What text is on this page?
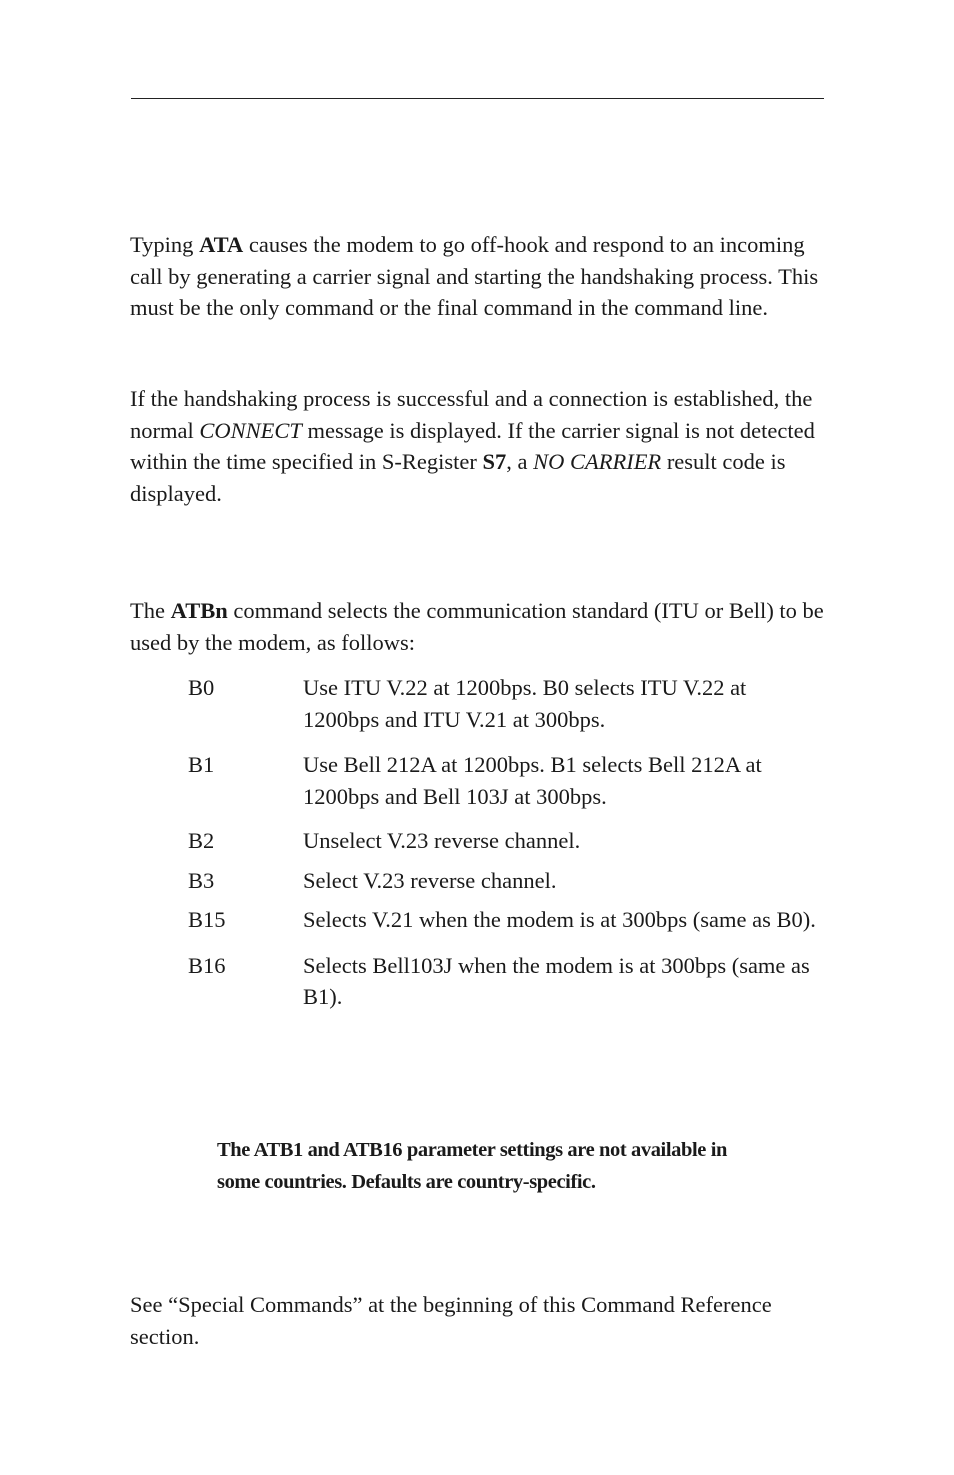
Typing ATA causes the modem to go off-hook and respond to an incoming call by generating a carrier signal and starting the handshaking process. This must be the only command or the final command in the command line.

If the handshaking process is successful and a connection is established, the normal CONNECT message is displayed. If the carrier signal is not detected within the time specified in S-Register S7, a NO CARRIER result code is displayed.

The ATBn command selects the communication standard (ITU or Bell) to be used by the modem, as follows:

B0	Use ITU V.22 at 1200bps. B0 selects ITU V.22 at 1200bps and ITU V.21 at 300bps.
B1	Use Bell 212A at 1200bps. B1 selects Bell 212A at 1200bps and Bell 103J at 300bps.
B2	Unselect V.23 reverse channel.
B3	Select V.23 reverse channel.
B15	Selects V.21 when the modem is at 300bps (same as B0).
B16	Selects Bell103J when the modem is at 300bps (same as B1).
The ATB1 and ATB16 parameter settings are not available in
some countries. Defaults are country-specific.

See “Special Commands” at the beginning of this Command Reference section.
